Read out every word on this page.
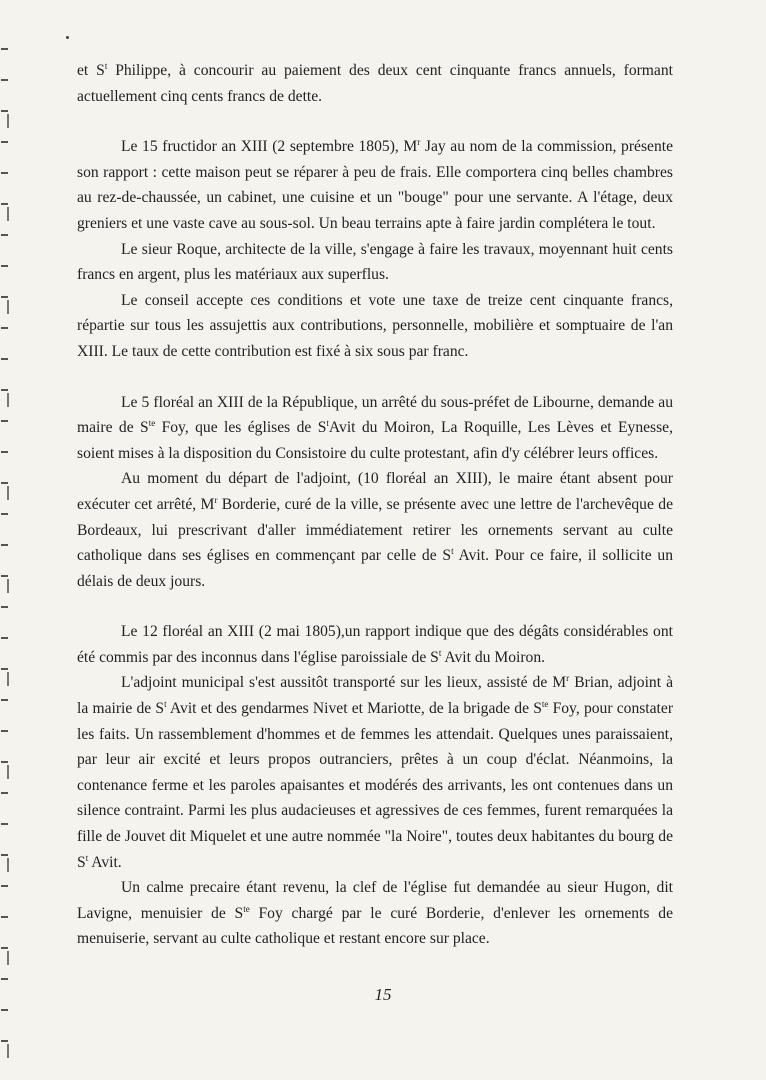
et $S^t$ Philippe, à concourir au paiement des deux cent cinquante francs annuels, formant actuellement cinq cents francs de dette.

Le 15 fructidor an XIII (2 septembre 1805), $M^r$ Jay au nom de la commission, présente son rapport : cette maison peut se réparer à peu de frais. Elle comportera cinq belles chambres au rez-de-chaussée, un cabinet, une cuisine et un "bouge" pour une servante. A l'étage, deux greniers et une vaste cave au sous-sol. Un beau terrains apte à faire jardin complétera le tout.

Le sieur Roque, architecte de la ville, s'engage à faire les travaux, moyennant huit cents francs en argent, plus les matériaux aux superflus.

Le conseil accepte ces conditions et vote une taxe de treize cent cinquante francs, répartie sur tous les assujettis aux contributions, personnelle, mobilière et somptuaire de l'an XIII. Le taux de cette contribution est fixé à six sous par franc.

Le 5 floréal an XIII de la République, un arrêté du sous-préfet de Libourne, demande au maire de $S^{te}$ Foy, que les églises de $S^tAvit$ du Moiron, La Roquille, Les Lèves et Eynesse, soient mises à la disposition du Consistoire du culte protestant, afin d'y célébrer leurs offices.

Au moment du départ de l'adjoint, (10 floréal an XIII), le maire étant absent pour exécuter cet arrêté, $M^r$ Borderie, curé de la ville, se présente avec une lettre de l'archevêque de Bordeaux, lui prescrivant d'aller immédiatement retirer les ornements servant au culte catholique dans ses églises en commençant par celle de $S^t$ Avit. Pour ce faire, il sollicite un délais de deux jours.

Le 12 floréal an XIII (2 mai 1805),un rapport indique que des dégâts considérables ont été commis par des inconnus dans l'église paroissiale de $S^t$ Avit du Moiron.

L'adjoint municipal s'est aussitôt transporté sur les lieux, assisté de $M^r$ Brian, adjoint à la mairie de $S^t$ Avit et des gendarmes Nivet et Mariotte, de la brigade de $S^{te}$ Foy, pour constater les faits. Un rassemblement d'hommes et de femmes les attendait. Quelques unes paraissaient, par leur air excité et leurs propos outranciers, prêtes à un coup d'éclat. Néanmoins, la contenance ferme et les paroles apaisantes et modérés des arrivants, les ont contenues dans un silence contraint. Parmi les plus audacieuses et agressives de ces femmes, furent remarquées la fille de Jouvet dit Miquelet et une autre nommée "la Noire", toutes deux habitantes du bourg de $S^t$ Avit.

Un calme precaire étant revenu, la clef de l'église fut demandée au sieur Hugon, dit Lavigne, menuisier de $S^{te}$ Foy chargé par le curé Borderie, d'enlever les ornements de menuiserie, servant au culte catholique et restant encore sur place.

15
